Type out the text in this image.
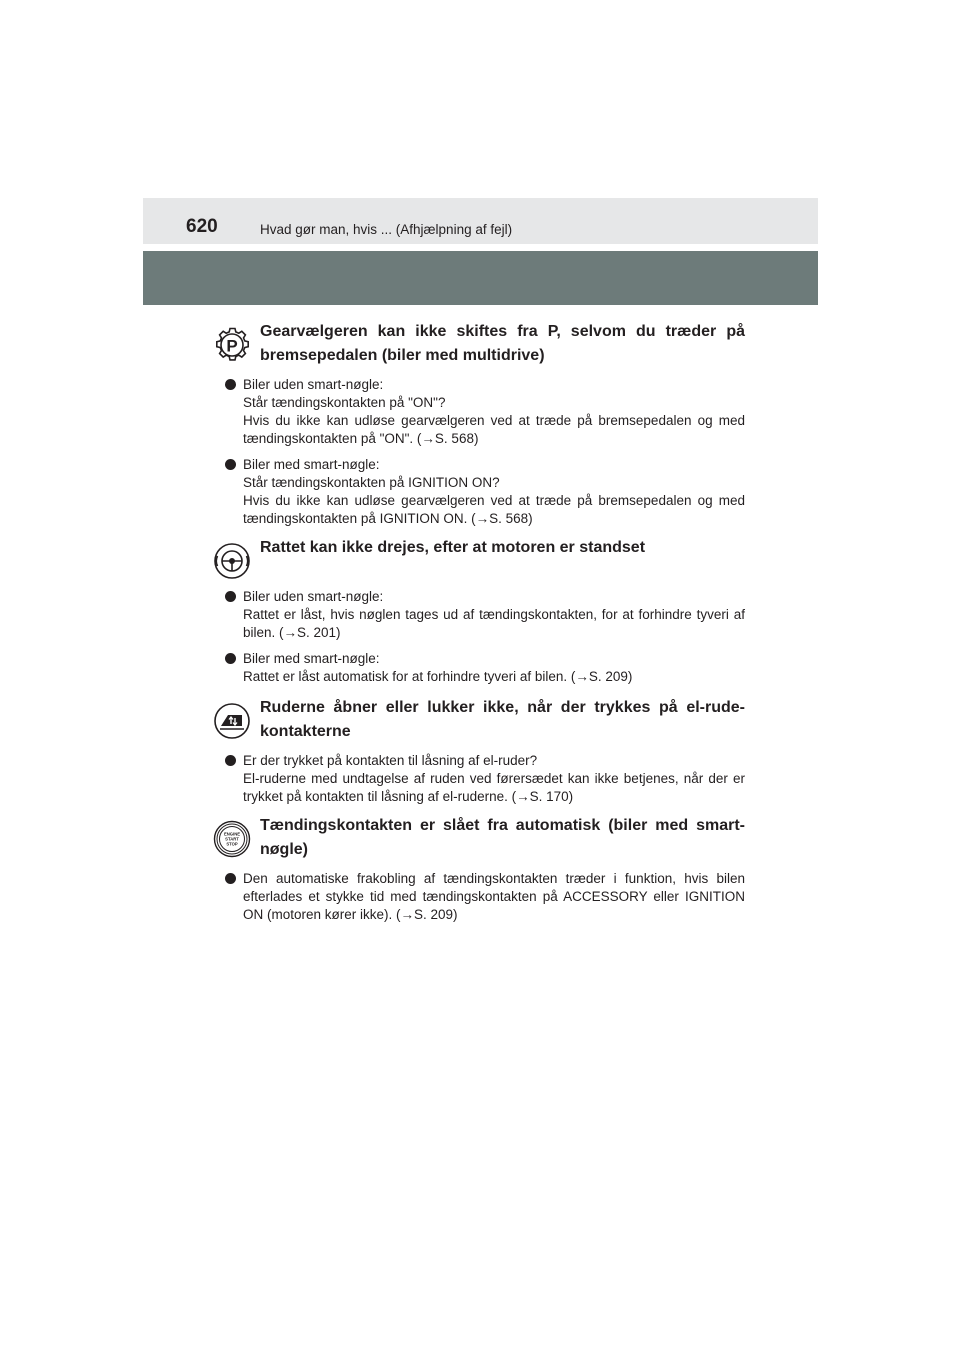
620	Hvad gør man, hvis ... (Afhjælpning af fejl)
P
Gearvælgeren kan ikke skiftes fra P, selvom du træder på bremsepedalen (biler med multidrive)
Biler uden smart-nøgle:
Står tændingskontakten på "ON"?
Hvis du ikke kan udløse gearvælgeren ved at træde på bremsepedalen og med tændingskontakten på "ON". (→S. 568)
Biler med smart-nøgle:
Står tændingskontakten på IGNITION ON?
Hvis du ikke kan udløse gearvælgeren ved at træde på bremsepedalen og med tændingskontakten på IGNITION ON. (→S. 568)
Rattet kan ikke drejes, efter at motoren er standset
Biler uden smart-nøgle:
Rattet er låst, hvis nøglen tages ud af tændingskontakten, for at forhindre tyveri af bilen. (→S. 201)
Biler med smart-nøgle:
Rattet er låst automatisk for at forhindre tyveri af bilen. (→S. 209)
Ruderne åbner eller lukker ikke, når der trykkes på el-rude-kontakterne
Er der trykket på kontakten til låsning af el-ruder?
El-ruderne med undtagelse af ruden ved førersædet kan ikke betjenes, når der er trykket på kontakten til låsning af el-ruderne. (→S. 170)
ENGINE
START
STOP
Tændingskontakten er slået fra automatisk (biler med smart-nøgle)
Den automatiske frakobling af tændingskontakten træder i funktion, hvis bilen efterlades et stykke tid med tændingskontakten på ACCESSORY eller IGNITION ON (motoren kører ikke). (→S. 209)
